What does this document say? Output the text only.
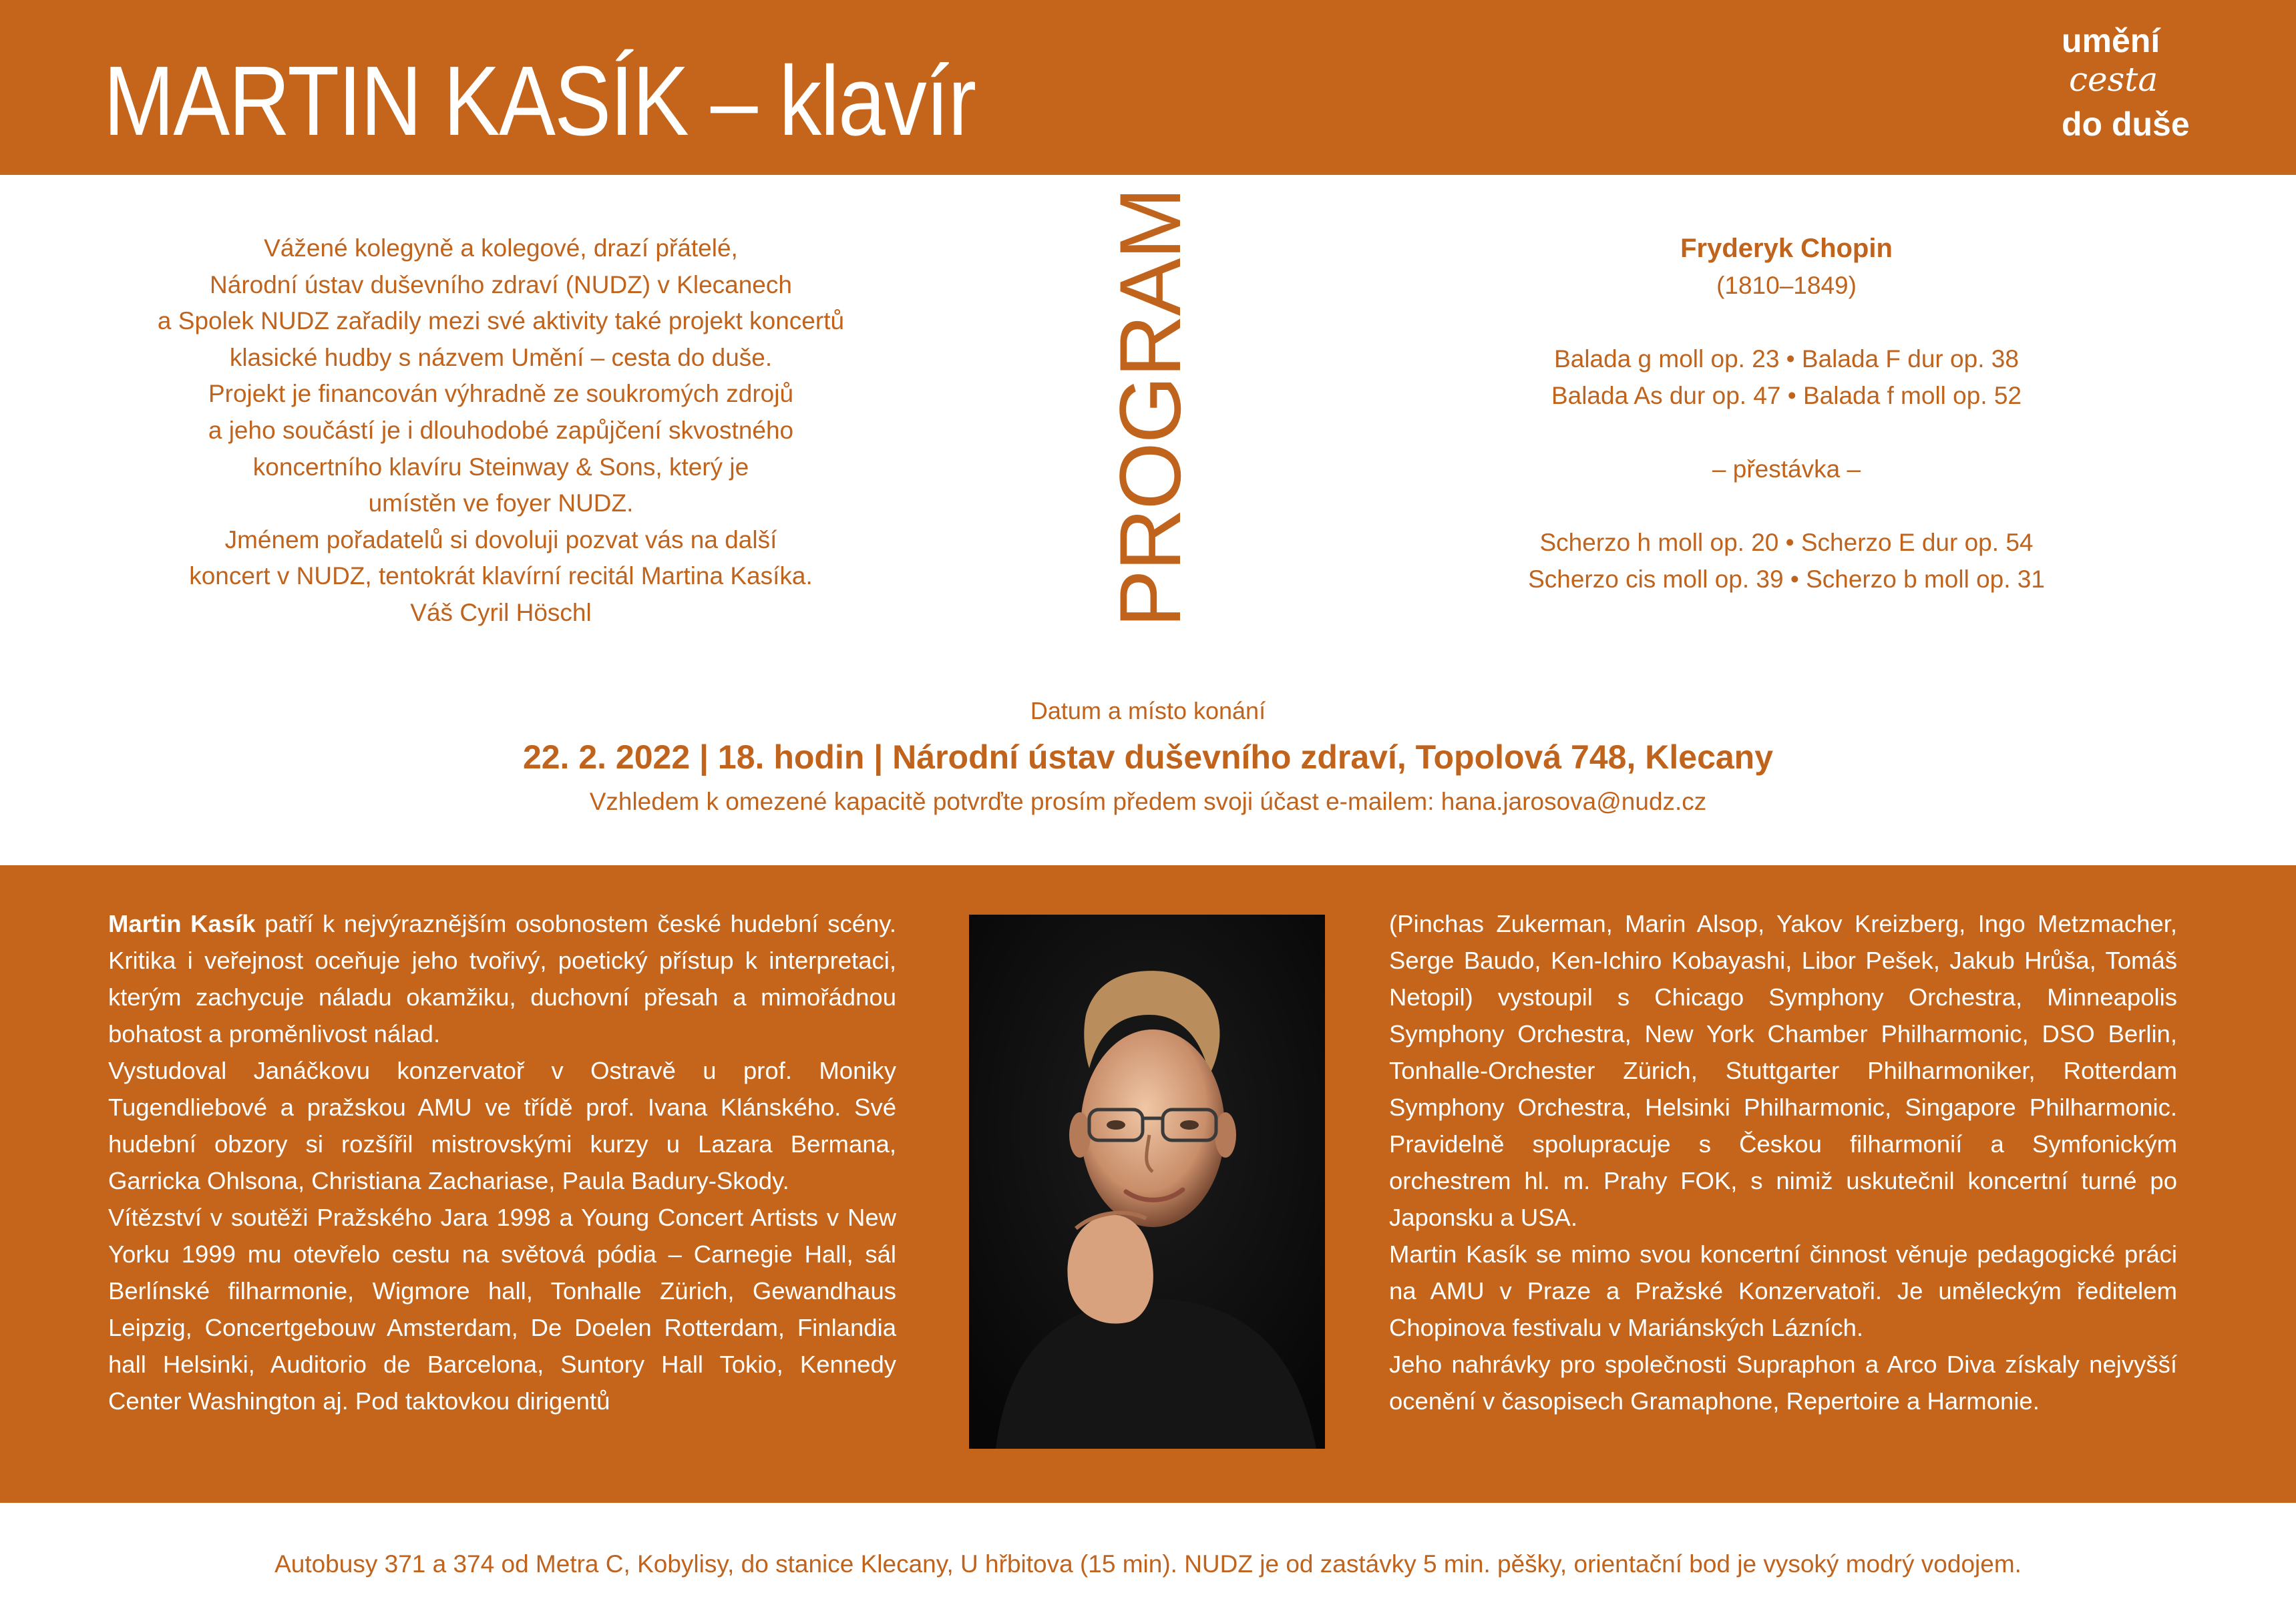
MARTIN KASÍK – klavír
umění
cesta
do duše

Vážené kolegyně a kolegové, drazí přátelé,

Národní ústav duševního zdraví (NUDZ) v Klecanech

a Spolek NUDZ zařadily mezi své aktivity také projekt koncertů

klasické hudby s názvem Umění – cesta do duše.

Projekt je financován výhradně ze soukromých zdrojů

a jeho součástí je i dlouhodobé zapůjčení skvostného

koncertního klavíru Steinway & Sons, který je

umístěn ve foyer NUDZ.

Jménem pořadatelů si dovoluji pozvat vás na další

koncert v NUDZ, tentokrát klavírní recitál Martina Kasíka.

Váš Cyril Höschl	PROGRAM	Fryderyk Chopin
(1810–1849)
Balada g moll op. 23 • Balada F dur op. 38
Balada As dur op. 47 • Balada f moll op. 52
– přestávka –
Scherzo h moll op. 20 • Scherzo E dur op. 54
Scherzo cis moll op. 39 • Scherzo b moll op. 31
Datum a místo konání
22. 2. 2022 | 18. hodin | Národní ústav duševního zdraví, Topolová 748, Klecany
Vzhledem k omezené kapacitě potvrďte prosím předem svoji účast e-mailem: hana.jarosova@nudz.cz

Martin Kasík patří k nejvýraznějším osobnostem české hudební scény. Kritika i veřejnost oceňuje jeho tvořivý, poetický přístup k interpretaci, kterým zachycuje náladu okamžiku, duchovní přesah a mimořádnou bohatost a proměnlivost nálad.

Vystudoval Janáčkovu konzervatoř v Ostravě u prof. Moniky Tugendliebové a pražskou AMU ve třídě prof. Ivana Klánského. Své hudební obzory si rozšířil mistrovskými kurzy u Lazara Bermana, Garricka Ohlsona, Christiana Zachariase, Paula Badury-Skody.

Vítězství v soutěži Pražského Jara 1998 a Young Concert Artists v New Yorku 1999 mu otevřelo cestu na světová pódia – Carnegie Hall, sál Berlínské filharmonie, Wigmore hall, Tonhalle Zürich, Gewandhaus Leipzig, Concertgebouw Amsterdam, De Doelen Rotterdam, Finlandia hall Helsinki, Auditorio de Barcelona, Suntory Hall Tokio, Kennedy Center Washington aj. Pod taktovkou dirigentů

(Pinchas Zukerman, Marin Alsop, Yakov Kreizberg, Ingo Metzmacher, Serge Baudo, Ken-Ichiro Kobayashi, Libor Pešek, Jakub Hrůša, Tomáš Netopil) vystoupil s Chicago Symphony Orchestra, Minneapolis Symphony Orchestra, New York Chamber Philharmonic, DSO Berlin, Tonhalle-Orchester Zürich, Stuttgarter Philharmoniker, Rotterdam Symphony Orchestra, Helsinki Philharmonic, Singapore Philharmonic. Pravidelně spolupracuje s Českou filharmonií a Symfonickým orchestrem hl. m. Prahy FOK, s nimiž uskutečnil koncertní turné po Japonsku a USA.

Martin Kasík se mimo svou koncertní činnost věnuje pedagogické práci na AMU v Praze a Pražské Konzervatoři. Je uměleckým ředitelem Chopinova festivalu v Mariánských Lázních.

Jeho nahrávky pro společnosti Supraphon a Arco Diva získaly nejvyšší ocenění v časopisech Gramaphone, Repertoire a Harmonie.

Autobusy 371 a 374 od Metra C, Kobylisy, do stanice Klecany, U hřbitova (15 min). NUDZ je od zastávky 5 min. pěšky, orientační bod je vysoký modrý vodojem.
